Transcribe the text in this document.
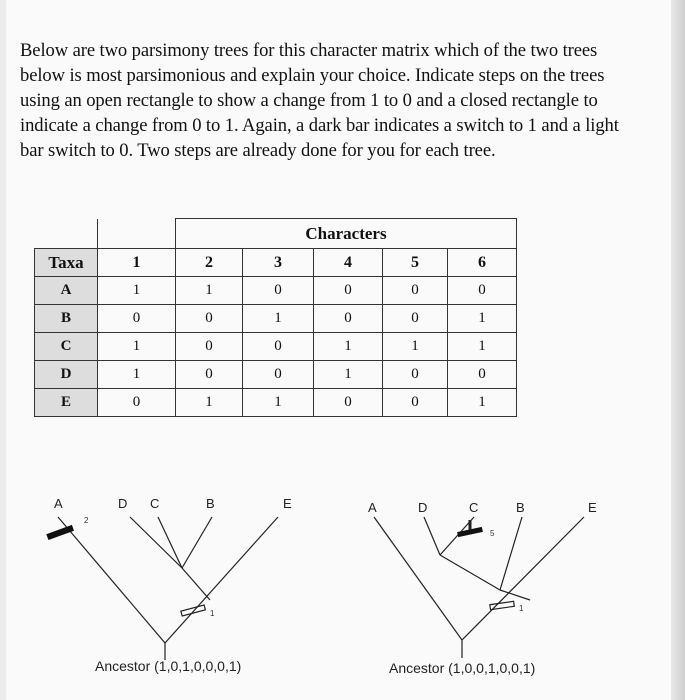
Below are two parsimony trees for this character matrix which of the two trees
below is most parsimonious and explain your choice. Indicate steps on the trees
using an open rectangle to show a change from 1 to 0 and a closed rectangle to
indicate a change from 0 to 1. Again, a dark bar indicates a switch to 1 and a light
bar switch to 0. Two steps are already done for you for each tree.
		Characters				
Taxa	1	2	3	4	5	6
A	1	1	0	0	0	0
B	0	0	1	0	0	1
C	1	0	0	1	1	1
D	1	0	0	1	0	0
E	0	1	1	0	0	1
A	D C	B	E
2
1
Ancestor (1,0,1,0,0,0,1)
A	D	C	B	E
5
1
Ancestor (1,0,0,1,0,0,1)
